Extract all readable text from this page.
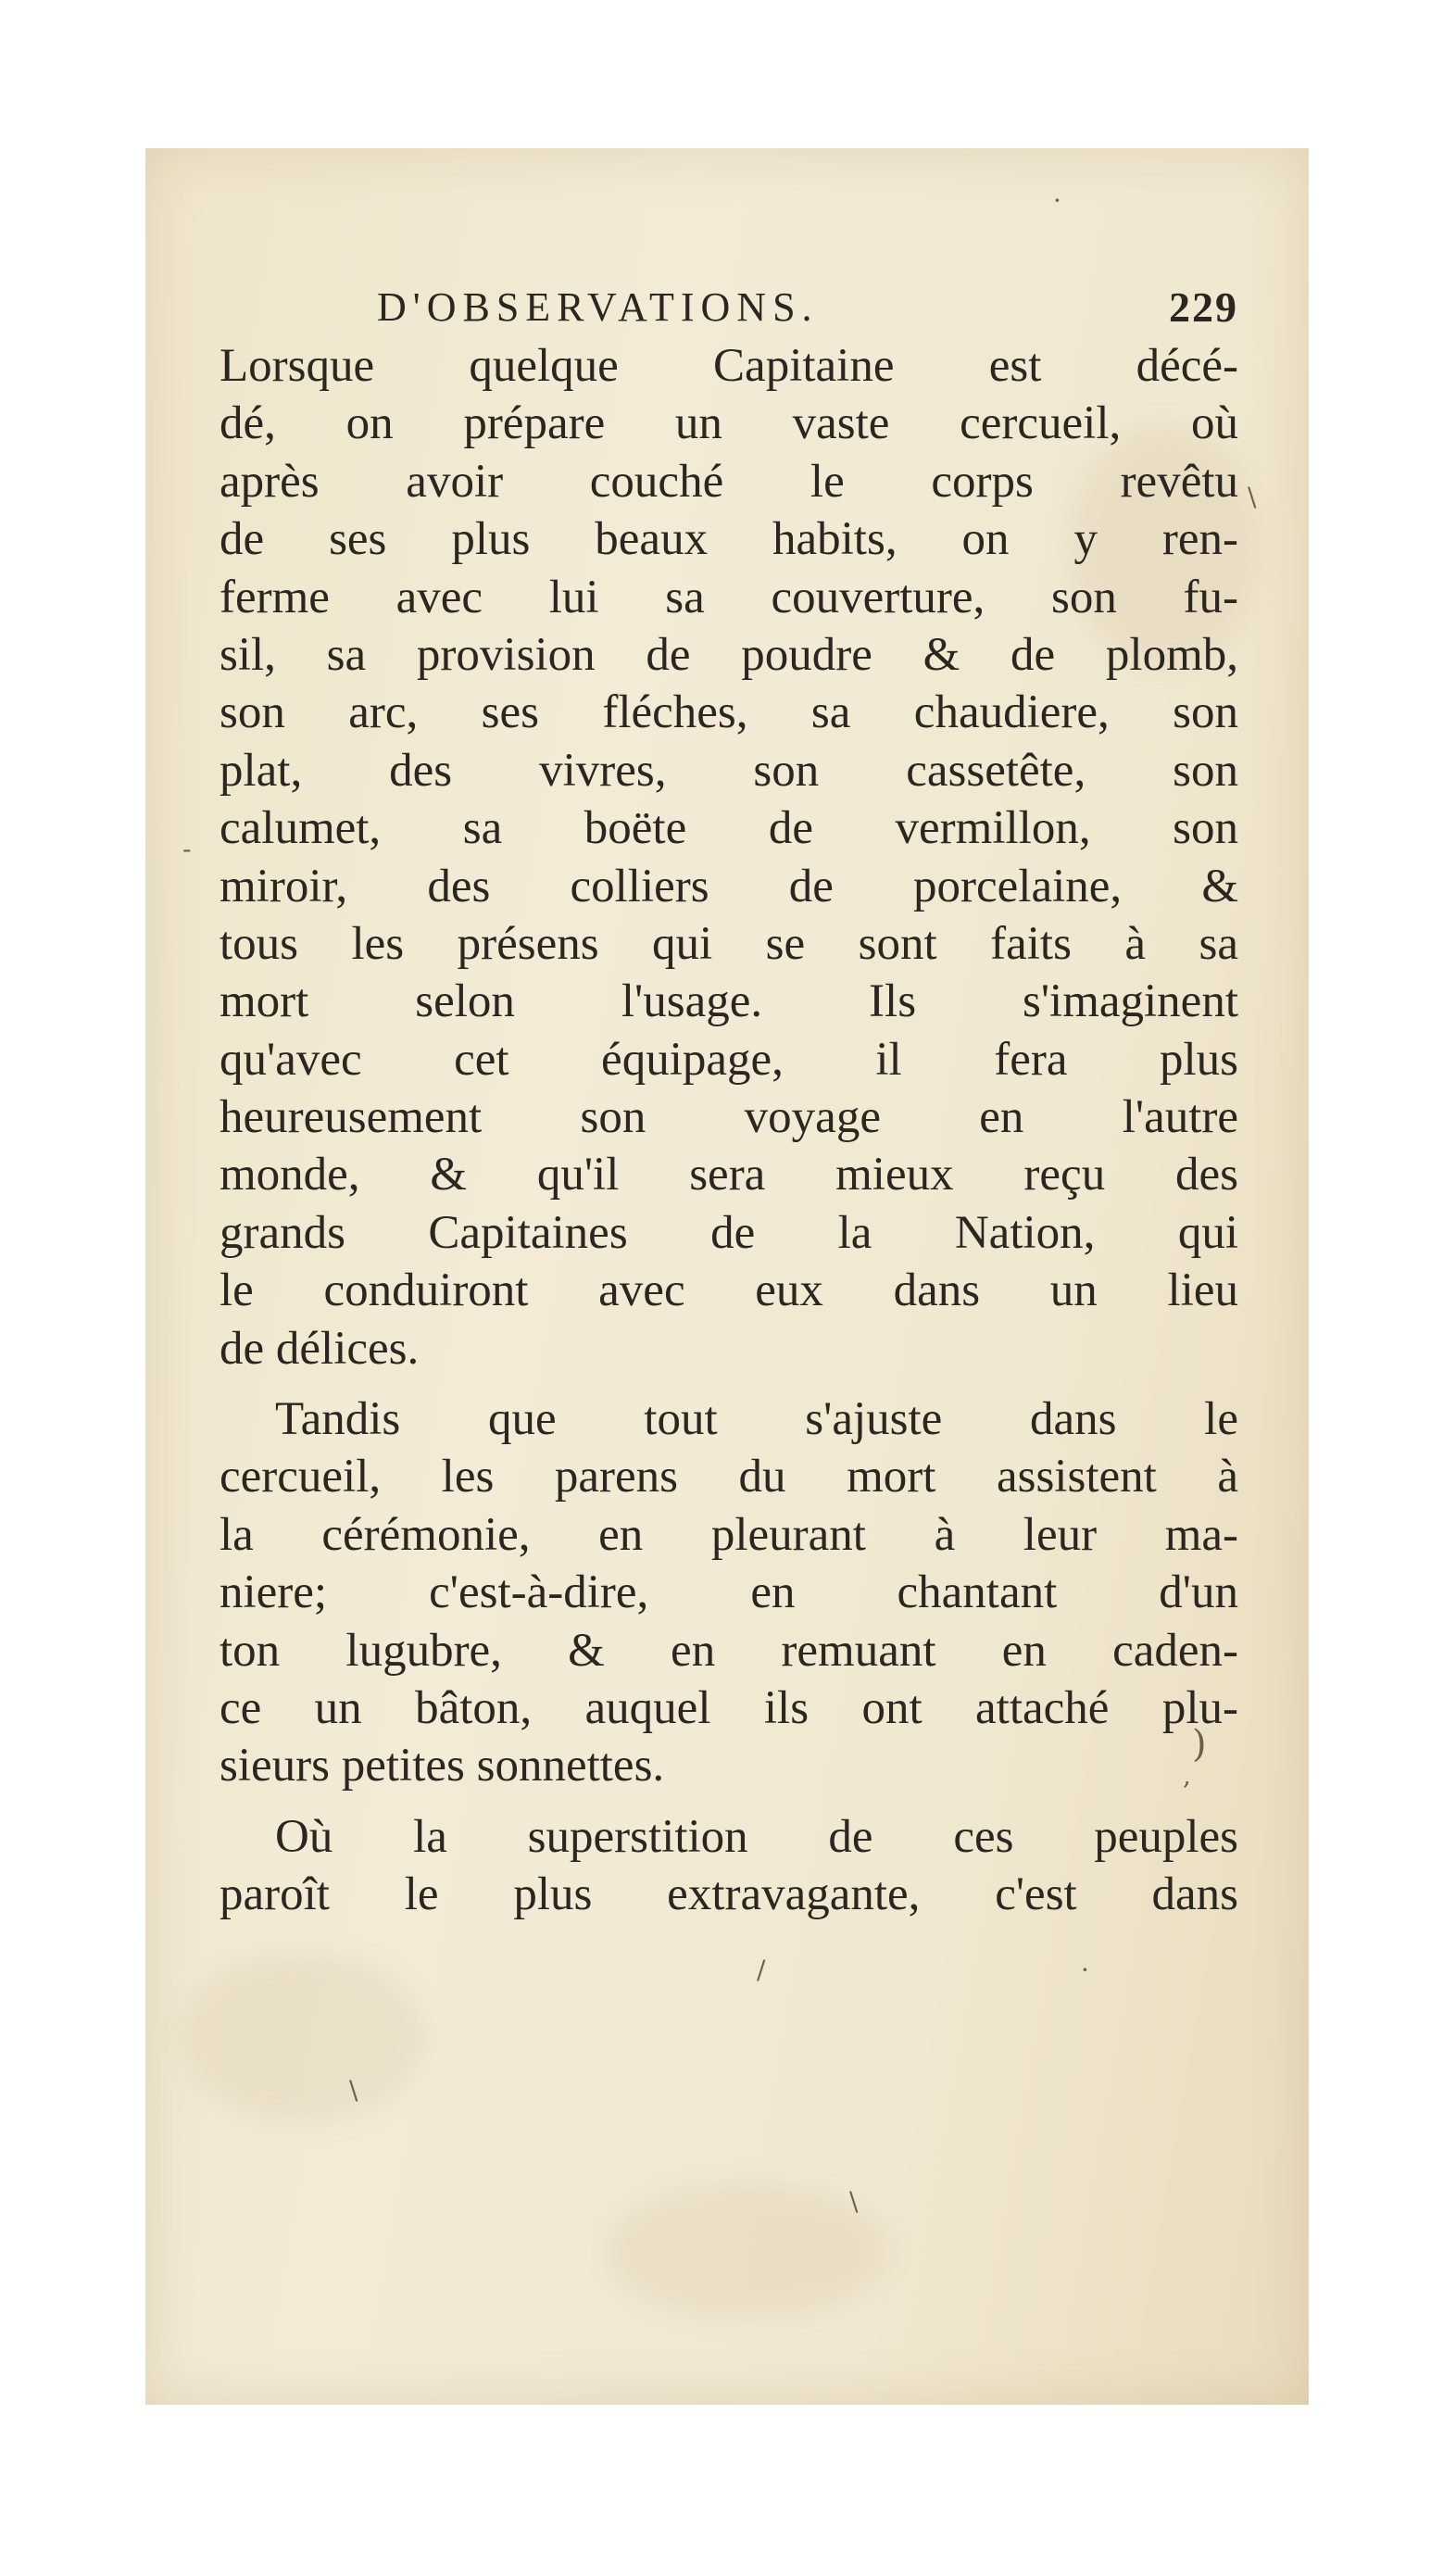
·
\
-
,
)
/
\
\
·
D'OBSERVATIONS.	229
Lorsque quelque Capitaine est décé-
dé, on prépare un vaste cercueil, où
après avoir couché le corps revêtu
de ses plus beaux habits, on y ren-
ferme avec lui sa couverture, son fu-
sil, sa provision de poudre & de plomb,
son arc, ses fléches, sa chaudiere, son
plat, des vivres, son cassetête, son
calumet, sa boëte de vermillon, son
miroir, des colliers de porcelaine, &
tous les présens qui se sont faits à sa
mort selon l'usage. Ils s'imaginent
qu'avec cet équipage, il fera plus
heureusement son voyage en l'autre
monde, & qu'il sera mieux reçu des
grands Capitaines de la Nation, qui
le conduiront avec eux dans un lieu
de délices.
Tandis que tout s'ajuste dans le
cercueil, les parens du mort assistent à
la cérémonie, en pleurant à leur ma-
niere; c'est-à-dire, en chantant d'un
ton lugubre, & en remuant en caden-
ce un bâton, auquel ils ont attaché plu-
sieurs petites sonnettes.
Où la superstition de ces peuples
paroît le plus extravagante, c'est dans
